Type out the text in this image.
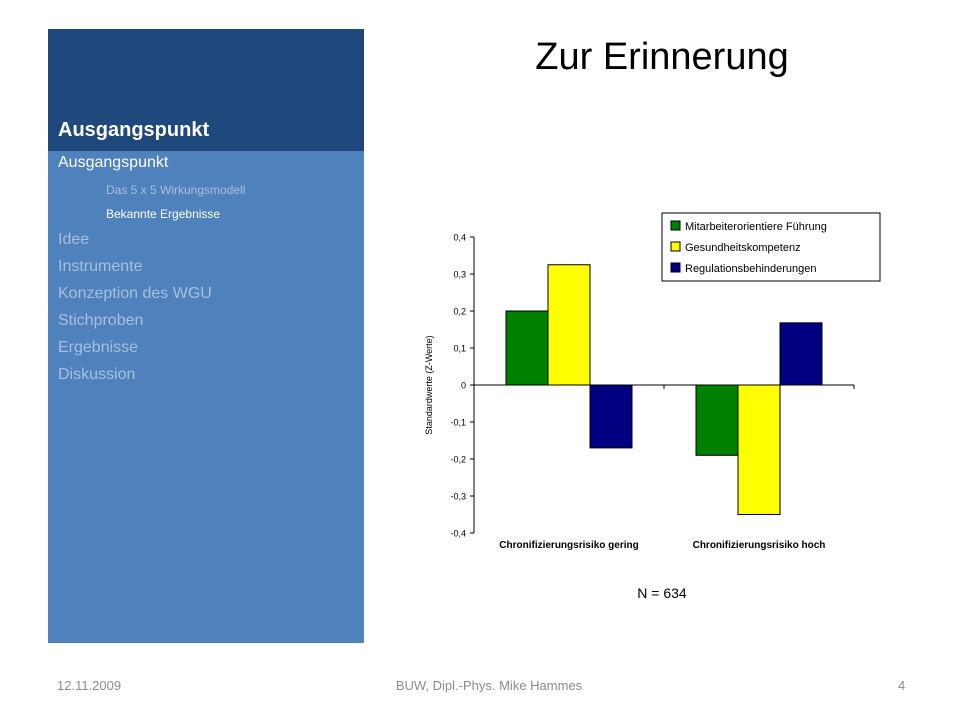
Ausgangspunkt
Ausgangspunkt
Das 5 x 5 Wirkungsmodell
Bekannte Ergebnisse
Idee
Instrumente
Konzeption des WGU
Stichproben
Ergebnisse
Diskussion
Zur Erinnerung
0,4
0,3
0,2
0,1
0
-0,1
-0,2
-0,3
-0,4
Chronifizierungsrisiko gering	Chronifizierungsrisiko hoch
Standardwerte (Z-Werte)
Mitarbeiterorientiere Führung
Gesundheitskompetenz
Regulationsbehinderungen
N = 634
12.11.2009	BUW, Dipl.-Phys. Mike Hammes	4
